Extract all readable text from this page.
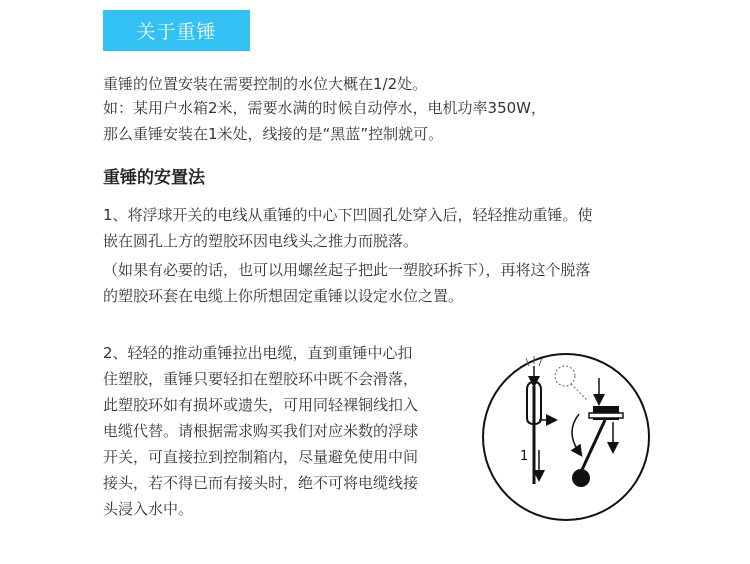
关于重锤

重锤的位置安装在需要控制的水位大概在1/2处。

如：某用户水箱2米，需要水满的时候自动停水，电机功率350W，

那么重锤安装在1米处，线接的是“黑蓝”控制就可。

重锤的安置法

1、将浮球开关的电线从重锤的中心下凹圆孔处穿入后，轻轻推动重锤。使

嵌在圆孔上方的塑胶环因电线头之推力而脱落。

（如果有必要的话，也可以用螺丝起子把此一塑胶环拆下），再将这个脱落

的塑胶环套在电缆上你所想固定重锤以设定水位之置。

2、轻轻的推动重锤拉出电缆，直到重锤中心扣
住塑胶，重锤只要轻扣在塑胶环中既不会滑落，
此塑胶环如有损坏或遗失，可用同轻裸铜线扣入
电缆代替。请根据需求购买我们对应米数的浮球
开关，可直接拉到控制箱内，尽量避免使用中间
接头，若不得已而有接头时，绝不可将电缆线接
头浸入水中。
1
